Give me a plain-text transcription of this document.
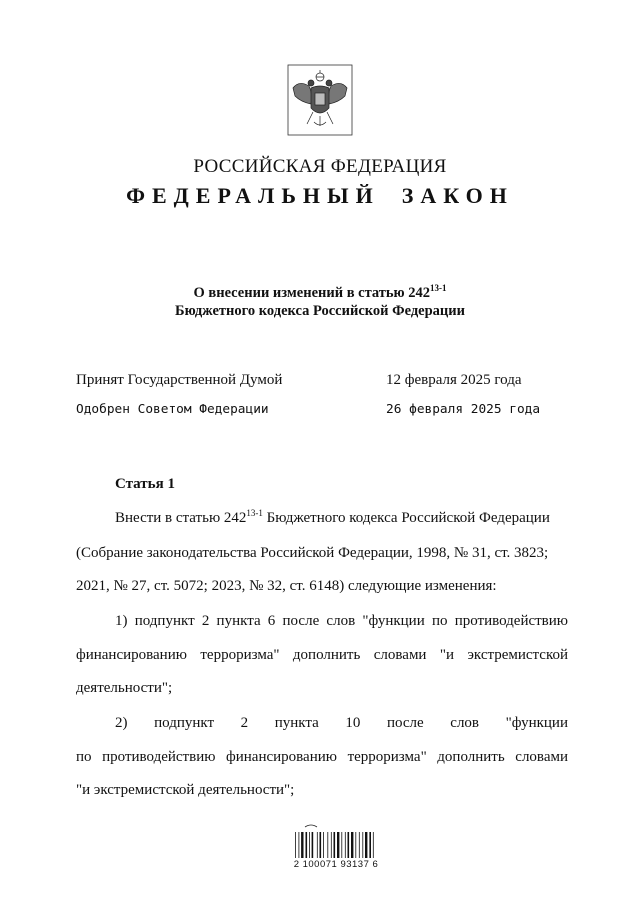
РОССИЙСКАЯ ФЕДЕРАЦИЯ
ФЕДЕРАЛЬНЫЙ ЗАКОН
О внесении изменений в статью 242$^{13-1}$
Бюджетного кодекса Российской Федерации
Принят Государственной Думой	12 февраля 2025 года
Одобрен Советом Федерации	26 февраля 2025 года
Статья 1
Внести в статью 242$^{13-1}$ Бюджетного кодекса Российской Федерации
(Собрание законодательства Российской Федерации, 1998, № 31, ст. 3823;
2021, № 27, ст. 5072; 2023, № 32, ст. 6148) следующие изменения:
1) подпункт 2 пункта 6 после слов "функции по противодействию
финансированию терроризма" дополнить словами "и экстремистской
деятельности";
2) подпункт 2 пункта 10 после слов "функции
по противодействию финансированию терроризма" дополнить словами
"и экстремистской деятельности";
2 100071 93137 6
